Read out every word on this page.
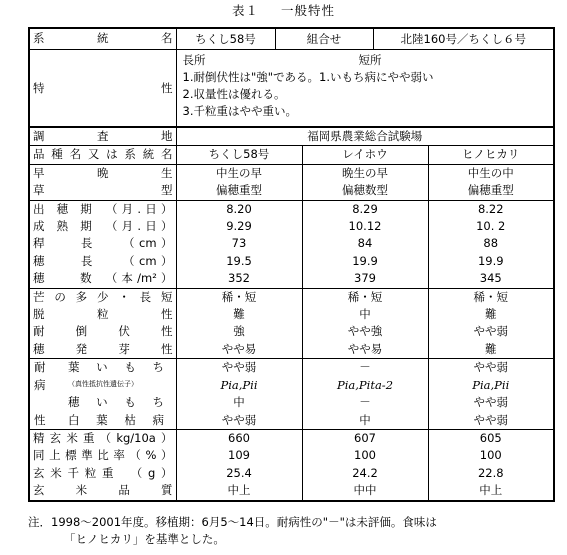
表１ 一般特性
系　　統　　名	ちくし58号 組合せ 北陸160号／ちくし６号		

特　　　　　　　　性	長所 短所
1.耐倒伏性は"強"である。1.いもち病にやや弱い
2.収量性は優れる。
3.千粒重はやや重い。		

調　　　査　　　地	福岡県農業総合試験場		
品種名又は系統名	ちくし58号	レイホウ	ヒノヒカリ
早　　　　晩　　　　生	中生の早	晩生の早	中生の中
草　　　　　　　　型	偏穂重型	偏穂数型	偏穂重型
出 穂 期　（月.日）	8.20	8.29	8.22
成 熟 期　（月.日）	9.29	10.12	10. 2
稈　　長　　（cm）	73	84	88
穂　　長　　（cm）	19.5	19.9	19.9
穂　　数　（本/m²）	352	379	345
芒の多少・長短	稀・短	稀・短	稀・短
脱　　　粒　　　性	難	中	難
耐　　倒　　伏　　性	強	やや強	やや弱
穂　　発　　芽　　性	やや易	やや易	難
耐 葉いもち	やや弱	－	やや弱
病 （真性抵抗性遺伝子）	Pia,Pii	Pia,Pita-2	Pia,Pii
穂いもち	中	－	やや弱
性 白葉枯病	やや弱	中	やや弱
精玄米重（kg/10a）	660	607	605
同上標準比率（%）	109	100	100
玄米千粒重　（g）	25.4	24.2	22.8
玄　　米　　品　　質	中上	中中	中上
注．1998～2001年度。移植期：6月5～14日。耐病性の"－"は未評価。食味は
「ヒノヒカリ」を基準とした。
